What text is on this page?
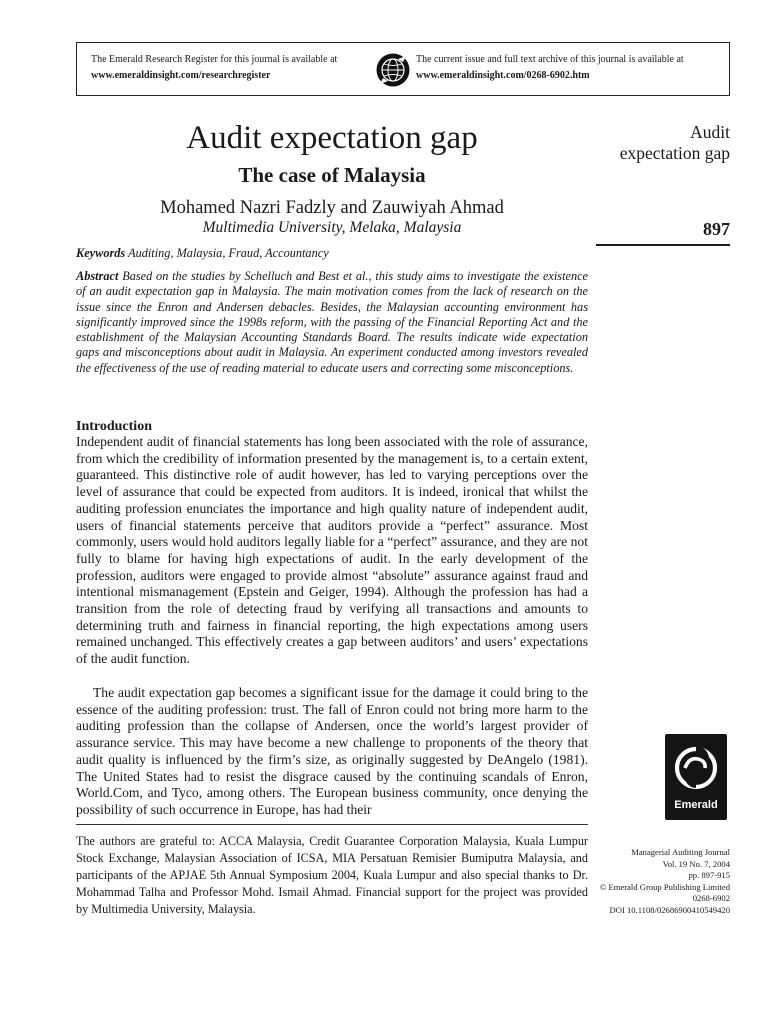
The Emerald Research Register for this journal is available at
www.emeraldinsight.com/researchregister
The current issue and full text archive of this journal is available at
www.emeraldinsight.com/0268-6902.htm
Audit expectation gap
The case of Malaysia
Mohamed Nazri Fadzly and Zauwiyah Ahmad
Multimedia University, Melaka, Malaysia
Audit
expectation gap
897
Keywords Auditing, Malaysia, Fraud, Accountancy
Abstract Based on the studies by Schelluch and Best et al., this study aims to investigate the existence of an audit expectation gap in Malaysia. The main motivation comes from the lack of research on the issue since the Enron and Andersen debacles. Besides, the Malaysian accounting environment has significantly improved since the 1998s reform, with the passing of the Financial Reporting Act and the establishment of the Malaysian Accounting Standards Board. The results indicate wide expectation gaps and misconceptions about audit in Malaysia. An experiment conducted among investors revealed the effectiveness of the use of reading material to educate users and correcting some misconceptions.
Introduction
Independent audit of financial statements has long been associated with the role of assurance, from which the credibility of information presented by the management is, to a certain extent, guaranteed. This distinctive role of audit however, has led to varying perceptions over the level of assurance that could be expected from auditors. It is indeed, ironical that whilst the auditing profession enunciates the importance and high quality nature of independent audit, users of financial statements perceive that auditors provide a “perfect” assurance. Most commonly, users would hold auditors legally liable for a “perfect” assurance, and they are not fully to blame for having high expectations of audit. In the early development of the profession, auditors were engaged to provide almost “absolute” assurance against fraud and intentional mismanagement (Epstein and Geiger, 1994). Although the profession has had a transition from the role of detecting fraud by verifying all transactions and amounts to determining truth and fairness in financial reporting, the high expectations among users remained unchanged. This effectively creates a gap between auditors’ and users’ expectations of the audit function.
The audit expectation gap becomes a significant issue for the damage it could bring to the essence of the auditing profession: trust. The fall of Enron could not bring more harm to the auditing profession than the collapse of Andersen, once the world’s largest provider of assurance service. This may have become a new challenge to proponents of the theory that audit quality is influenced by the firm’s size, as originally suggested by DeAngelo (1981). The United States had to resist the disgrace caused by the continuing scandals of Enron, World.Com, and Tyco, among others. The European business community, once denying the possibility of such occurrence in Europe, has had their	Emerald
The authors are grateful to: ACCA Malaysia, Credit Guarantee Corporation Malaysia, Kuala Lumpur Stock Exchange, Malaysian Association of ICSA, MIA Persatuan Remisier Bumiputra Malaysia, and participants of the APJAE 5th Annual Symposium 2004, Kuala Lumpur and also special thanks to Dr. Mohammad Talha and Professor Mohd. Ismail Ahmad. Financial support for the project was provided by Multimedia University, Malaysia.
Managerial Auditing Journal
Vol. 19 No. 7, 2004
pp. 897-915
© Emerald Group Publishing Limited
0268-6902
DOI 10.1108/02686900410549420
